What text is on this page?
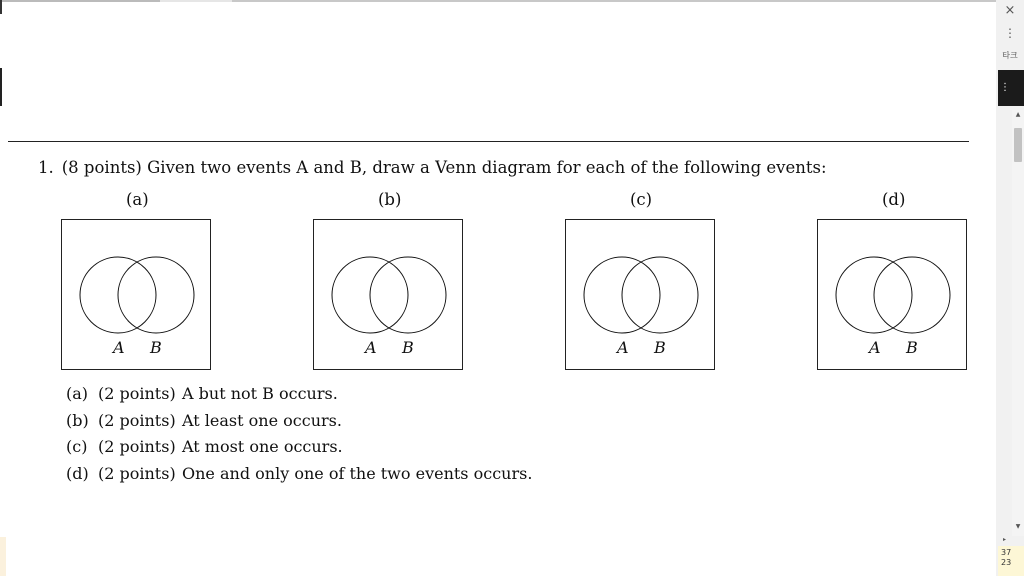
1. (8 points) Given two events A and B, draw a Venn diagram for each of the following events:
(a)	(b)	(c)	(d)
A B	A B	A B	A B
(a) (2 points) A but not B occurs.
(b) (2 points) At least one occurs.
(c) (2 points) At most one occurs.
(d) (2 points) One and only one of the two events occurs.
×
⋮
타크
⋮
▲
▼
▸
37
23
